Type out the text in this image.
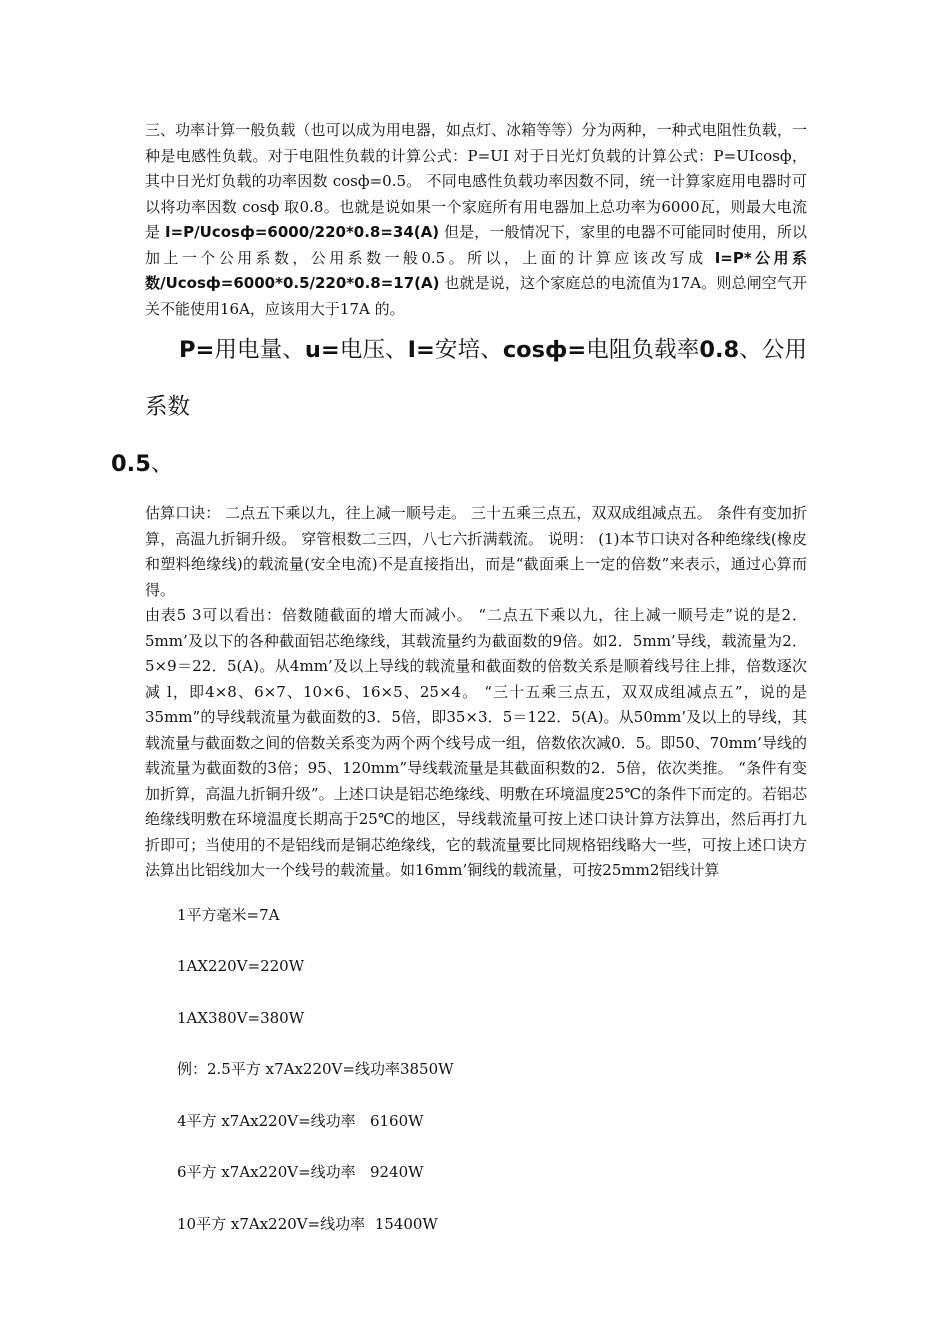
三、功率计算一般负载（也可以成为用电器，如点灯、冰箱等等）分为两种，一种式电阻性负载，一种是电感性负载。对于电阻性负载的计算公式：P=UI 对于日光灯负载的计算公式：P=UIcosф，其中日光灯负载的功率因数 cosф=0.5。 不同电感性负载功率因数不同，统一计算家庭用电器时可以将功率因数 cosф 取0.8。也就是说如果一个家庭所有用电器加上总功率为6000瓦，则最大电流是 I=P/Ucosф=6000/220*0.8=34(A) 但是，一般情况下，家里的电器不可能同时使用，所以加上一个公用系数，公用系数一般0.5。所以，上面的计算应该改写成 I=P*公用系数/Ucosф=6000*0.5/220*0.8=17(A) 也就是说，这个家庭总的电流值为17A。则总闸空气开关不能使用16A，应该用大于17A 的。

P=用电量、u=电压、I=安培、cosф=电阻负载率0.8、公用系数
0.5、

估算口诀： 二点五下乘以九，往上减一顺号走。 三十五乘三点五，双双成组减点五。 条件有变加折算，高温九折铜升级。 穿管根数二三四，八七六折满载流。 说明： (1)本节口诀对各种绝缘线(橡皮和塑料绝缘线)的载流量(安全电流)不是直接指出，而是“截面乘上一定的倍数”来表示，通过心算而得。

由表5 3可以看出：倍数随截面的增大而减小。 “二点五下乘以九，往上减一顺号走”说的是2．5mm’及以下的各种截面铝芯绝缘线，其载流量约为截面数的9倍。如2．5mm’导线，载流量为2．5×9＝22．5(A)。从4mm’及以上导线的载流量和截面数的倍数关系是顺着线号往上排，倍数逐次减 l，即4×8、6×7、10×6、16×5、25×4。 “三十五乘三点五，双双成组减点五”，说的是35mm”的导线载流量为截面数的3．5倍，即35×3．5＝122．5(A)。从50mm’及以上的导线，其载流量与截面数之间的倍数关系变为两个两个线号成一组，倍数依次减0．5。即50、70mm’导线的载流量为截面数的3倍；95、120mm”导线载流量是其截面积数的2．5倍，依次类推。 “条件有变加折算，高温九折铜升级”。上述口诀是铝芯绝缘线、明敷在环境温度25℃的条件下而定的。若铝芯绝缘线明敷在环境温度长期高于25℃的地区，导线载流量可按上述口诀计算方法算出，然后再打九折即可；当使用的不是铝线而是铜芯绝缘线，它的载流量要比同规格铝线略大一些，可按上述口诀方法算出比铝线加大一个线号的载流量。如16mm’铜线的载流量，可按25mm2铝线计算

1平方毫米=7A
1AX220V=220W
1AX380V=380W
例：2.5平方 x7Ax220V=线功率3850W
4平方 x7Ax220V=线功率   6160W
6平方 x7Ax220V=线功率   9240W
10平方 x7Ax220V=线功率  15400W
